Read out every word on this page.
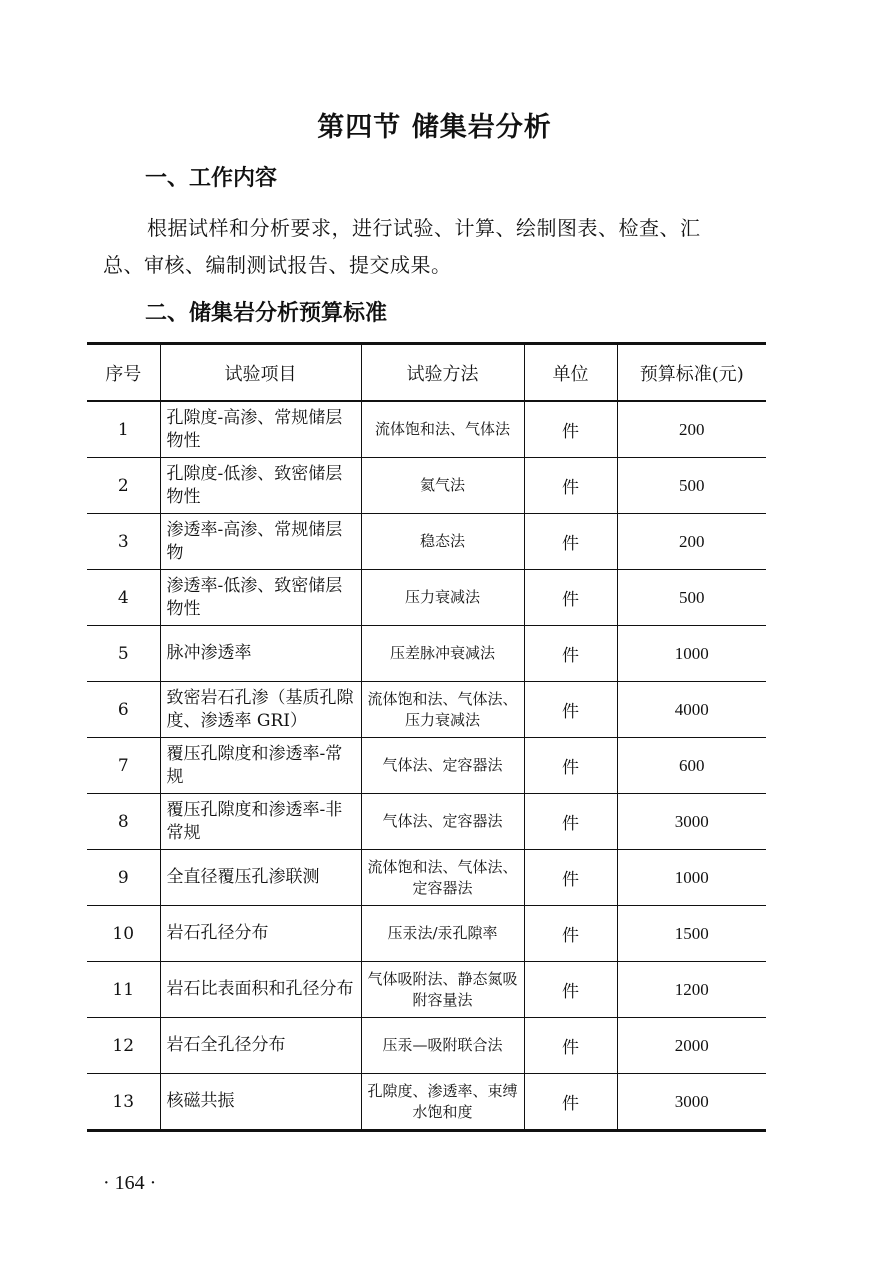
第四节 储集岩分析
一、工作内容
根据试样和分析要求，进行试验、计算、绘制图表、检查、汇
总、审核、编制测试报告、提交成果。
二、储集岩分析预算标准
序号	试验项目	试验方法	单位	预算标准(元)
1	孔隙度-高渗、常规储层物性	流体饱和法、气体法	件	200
2	孔隙度-低渗、致密储层物性	氦气法	件	500
3	渗透率-高渗、常规储层物	稳态法	件	200
4	渗透率-低渗、致密储层物性	压力衰减法	件	500
5	脉冲渗透率	压差脉冲衰减法	件	1000
6	致密岩石孔渗（基质孔隙度、渗透率 GRI）	流体饱和法、气体法、压力衰减法	件	4000
7	覆压孔隙度和渗透率-常规	气体法、定容器法	件	600
8	覆压孔隙度和渗透率-非常规	气体法、定容器法	件	3000
9	全直径覆压孔渗联测	流体饱和法、气体法、定容器法	件	1000
10	岩石孔径分布	压汞法/汞孔隙率	件	1500
11	岩石比表面积和孔径分布	气体吸附法、静态氮吸附容量法	件	1200
12	岩石全孔径分布	压汞—吸附联合法	件	2000
13	核磁共振	孔隙度、渗透率、束缚水饱和度	件	3000
· 164 ·
